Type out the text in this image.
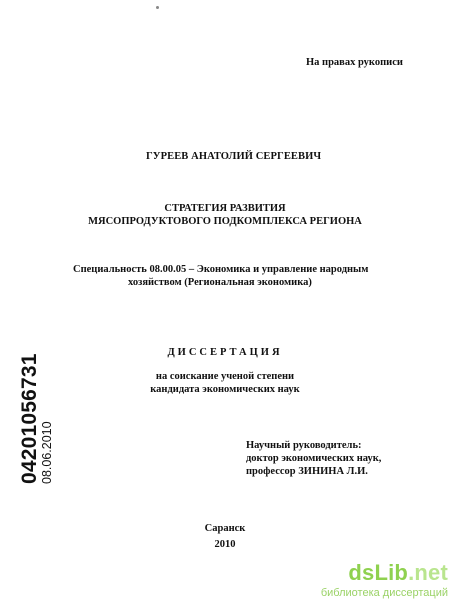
На правах рукописи
ГУРЕЕВ АНАТОЛИЙ СЕРГЕЕВИЧ
СТРАТЕГИЯ РАЗВИТИЯ
МЯСОПРОДУКТОВОГО ПОДКОМПЛЕКСА РЕГИОНА
Специальность 08.00.05 – Экономика и управление народным
хозяйством (Региональная экономика)
ДИССЕРТАЦИЯ
на соискание ученой степени
кандидата экономических наук
Научный руководитель:
доктор экономических наук,
профессор ЗИНИНА Л.И.
Саранск
2010
04201056731 08.06.2010
dsLib.net
библиотека диссертаций
